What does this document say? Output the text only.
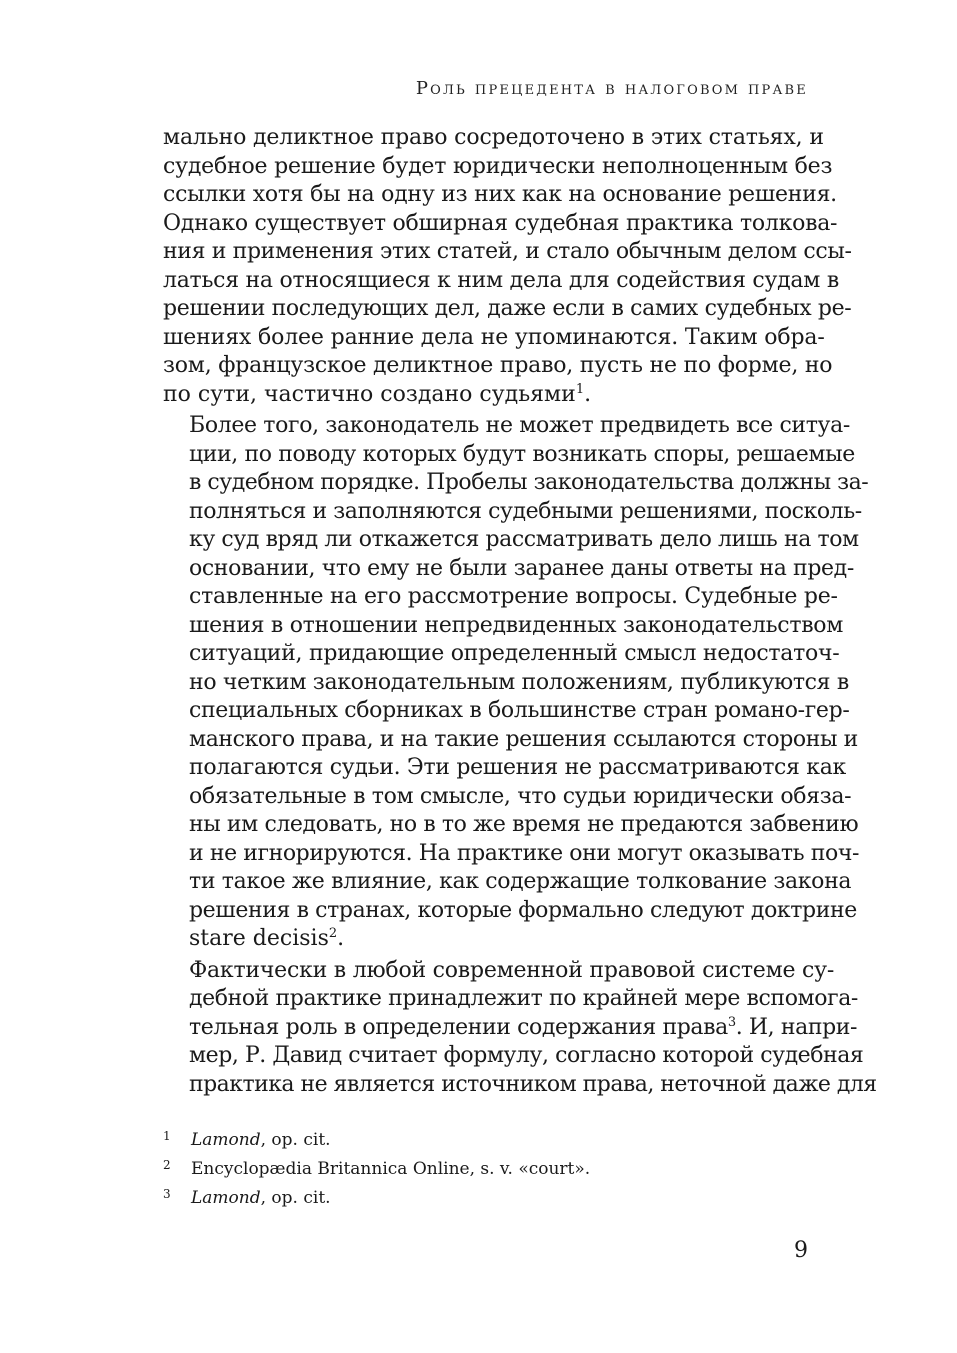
Роль прецедента в налоговом праве

мально деликтное право сосредоточено в этих статьях, и
судебное решение будет юридически неполноценным без
ссылки хотя бы на одну из них как на основание решения.
Однако существует обширная судебная практика толкова-
ния и применения этих статей, и стало обычным делом ссы-
латься на относящиеся к ним дела для содействия судам в
решении последующих дел, даже если в самих судебных ре-
шениях более ранние дела не упоминаются. Таким обра-
зом, французское деликтное право, пусть не по форме, но
по сути, частично создано судьями$^1$.

Более того, законодатель не может предвидеть все ситуа-
ции, по поводу которых будут возникать споры, решаемые
в судебном порядке. Пробелы законодательства должны за-
полняться и заполняются судебными решениями, посколь-
ку суд вряд ли откажется рассматривать дело лишь на том
основании, что ему не были заранее даны ответы на пред-
ставленные на его рассмотрение вопросы. Судебные ре-
шения в отношении непредвиденных законодательством
ситуаций, придающие определенный смысл недостаточ-
но четким законодательным положениям, публикуются в
специальных сборниках в большинстве стран романо-гер-
манского права, и на такие решения ссылаются стороны и
полагаются судьи. Эти решения не рассматриваются как
обязательные в том смысле, что судьи юридически обяза-
ны им следовать, но в то же время не предаются забвению
и не игнорируются. На практике они могут оказывать поч-
ти такое же влияние, как содержащие толкование закона
решения в странах, которые формально следуют доктрине
stare decisis$^2$.

Фактически в любой современной правовой системе су-
дебной практике принадлежит по крайней мере вспомога-
тельная роль в определении содержания права$^3$. И, напри-
мер, Р. Давид считает формулу, согласно которой судебная
практика не является источником права, неточной даже для

1 Lamond, op. cit.
2 Encyclopædia Britannica Online, s. v. «court».
3 Lamond, op. cit.
9
